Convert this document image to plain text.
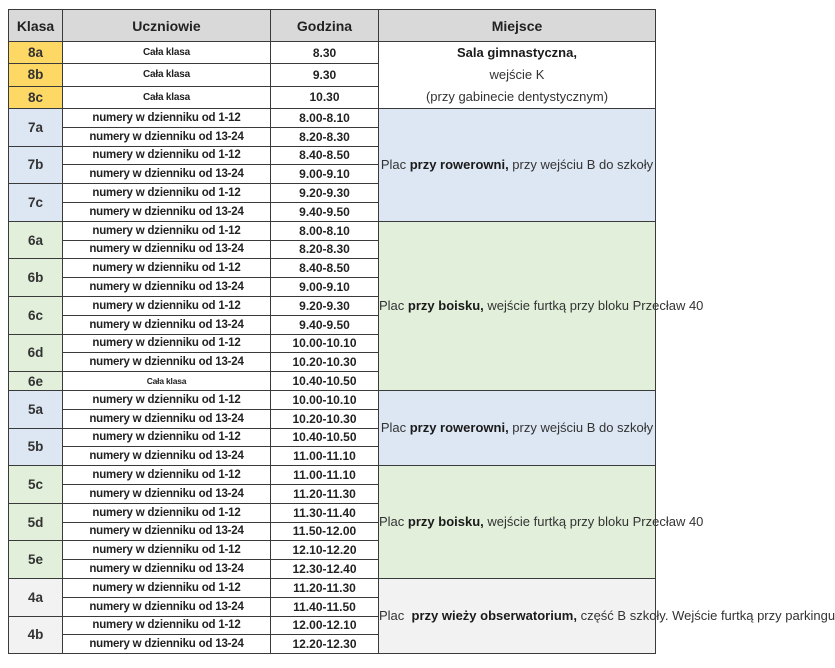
Klasa	Uczniowie	Godzina	Miejsce
8a	Cała klasa	8.30	Sala gimnastyczna,
wejście K
(przy gabinecie dentystycznym)
8b	Cała klasa	9.30	
8c	Cała klasa	10.30	
7a	numery w dzienniku od 1-12	8.00-8.10	Plac przy rowerowni, przy wejściu B do szkoły
	numery w dzienniku od 13-24	8.20-8.30	
7b	numery w dzienniku od 1-12	8.40-8.50	
	numery w dzienniku od 13-24	9.00-9.10	
7c	numery w dzienniku od 1-12	9.20-9.30	
	numery w dzienniku od 13-24	9.40-9.50	
6a	numery w dzienniku od 1-12	8.00-8.10	Plac przy boisku, wejście furtką przy bloku Przecław 40
	numery w dzienniku od 13-24	8.20-8.30	
6b	numery w dzienniku od 1-12	8.40-8.50	
	numery w dzienniku od 13-24	9.00-9.10	
6c	numery w dzienniku od 1-12	9.20-9.30	
	numery w dzienniku od 13-24	9.40-9.50	
6d	numery w dzienniku od 1-12	10.00-10.10	
	numery w dzienniku od 13-24	10.20-10.30	
6e	Cała klasa	10.40-10.50	
5a	numery w dzienniku od 1-12	10.00-10.10	Plac przy rowerowni, przy wejściu B do szkoły
	numery w dzienniku od 13-24	10.20-10.30	
5b	numery w dzienniku od 1-12	10.40-10.50	
	numery w dzienniku od 13-24	11.00-11.10	
5c	numery w dzienniku od 1-12	11.00-11.10	Plac przy boisku, wejście furtką przy bloku Przecław 40
	numery w dzienniku od 13-24	11.20-11.30	
5d	numery w dzienniku od 1-12	11.30-11.40	
	numery w dzienniku od 13-24	11.50-12.00	
5e	numery w dzienniku od 1-12	12.10-12.20	
	numery w dzienniku od 13-24	12.30-12.40	
4a	numery w dzienniku od 1-12	11.20-11.30	Plac  przy wieży obserwatorium, część B szkoły. Wejście furtką przy parkingu
	numery w dzienniku od 13-24	11.40-11.50	
4b	numery w dzienniku od 1-12	12.00-12.10	
	numery w dzienniku od 13-24	12.20-12.30	
